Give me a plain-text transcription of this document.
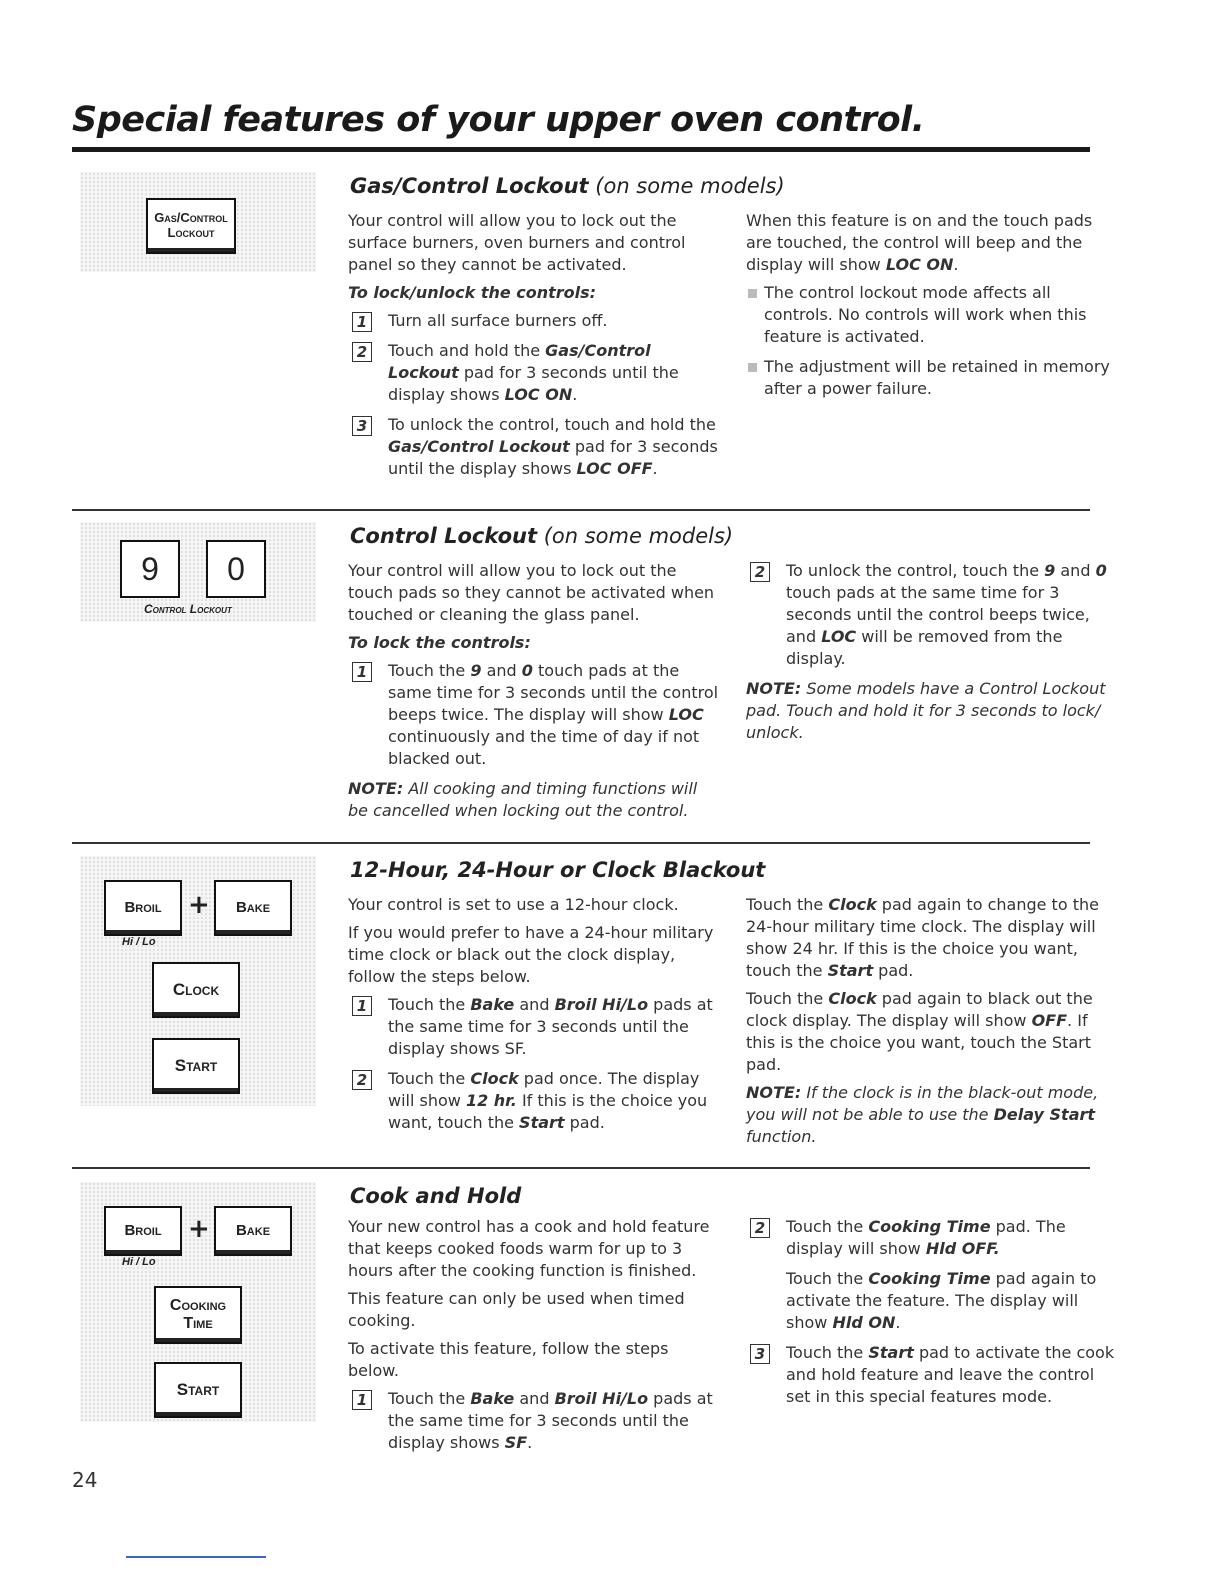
Special features of your upper oven control.
Gas/Control Lockout
Gas/Control Lockout (on some models)

Your control will allow you to lock out the surface burners, oven burners and control panel so they cannot be activated.

To lock/unlock the controls:

1 Turn all surface burners off.
2 Touch and hold the Gas/Control Lockout pad for 3 seconds until the display shows LOC ON.
3 To unlock the control, touch and hold the Gas/Control Lockout pad for 3 seconds until the display shows LOC OFF.

When this feature is on and the touch pads are touched, the control will beep and the display will show LOC ON.

The control lockout mode affects all controls. No controls will work when this feature is activated.
The adjustment will be retained in memory after a power failure.
9 0
Control Lockout
Control Lockout (on some models)

Your control will allow you to lock out the touch pads so they cannot be activated when touched or cleaning the glass panel.

To lock the controls:

1 Touch the 9 and 0 touch pads at the same time for 3 seconds until the control beeps twice. The display will show LOC continuously and the time of day if not blacked out.

NOTE: All cooking and timing functions will be cancelled when locking out the control.

2 To unlock the control, touch the 9 and 0 touch pads at the same time for 3 seconds until the control beeps twice, and LOC will be removed from the display.

NOTE: Some models have a Control Lockout pad. Touch and hold it for 3 seconds to lock/ unlock.

Broil
Hi / Lo
+ Bake
Clock
Start
12-Hour, 24-Hour or Clock Blackout

Your control is set to use a 12-hour clock.

If you would prefer to have a 24-hour military time clock or black out the clock display, follow the steps below.

1 Touch the Bake and Broil Hi/Lo pads at the same time for 3 seconds until the display shows SF.
2 Touch the Clock pad once. The display will show 12 hr. If this is the choice you want, touch the Start pad.

Touch the Clock pad again to change to the 24-hour military time clock. The display will show 24 hr. If this is the choice you want, touch the Start pad.

Touch the Clock pad again to black out the clock display. The display will show OFF. If this is the choice you want, touch the Start pad.

NOTE: If the clock is in the black-out mode, you will not be able to use the Delay Start function.

Broil
Hi / Lo
+ Bake
Cooking
Time
Start
Cook and Hold

Your new control has a cook and hold feature that keeps cooked foods warm for up to 3 hours after the cooking function is finished.

This feature can only be used when timed cooking.

To activate this feature, follow the steps below.

1 Touch the Bake and Broil Hi/Lo pads at the same time for 3 seconds until the display shows SF.
2 Touch the Cooking Time pad. The display will show Hld OFF.
Touch the Cooking Time pad again to activate the feature. The display will show Hld ON.
3 Touch the Start pad to activate the cook and hold feature and leave the control set in this special features mode.
24
